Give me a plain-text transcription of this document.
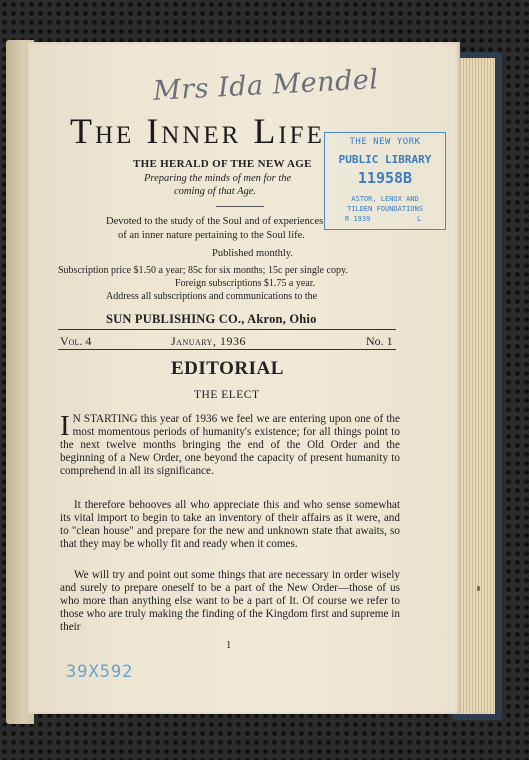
Mrs Ida Mendel
The Inner Life
THE HERALD OF THE NEW AGE
Preparing the minds of men for the
coming of that Age.
Devoted to the study of the Soul and of experiences
of an inner nature pertaining to the Soul life.
Published monthly.
Subscription price $1.50 a year; 85c for six months; 15c per single copy.
Foreign subscriptions $1.75 a year.
Address all subscriptions and communications to the
SUN PUBLISHING CO., Akron, Ohio
THE NEW YORK
PUBLIC LIBRARY
11958B
ASTOR, LENOX AND
TILDEN FOUNDATIONS
R 1939	L
Vol. 4	January, 1936	No. 1
EDITORIAL
THE ELECT
I N STARTING this year of 1936 we feel we are entering upon one of the most momentous periods of humanity's existence; for all things point to the next twelve months bringing the end of the Old Order and the beginning of a New Order, one beyond the capacity of present humanity to comprehend in all its significance.
It therefore behooves all who appreciate this and who sense somewhat its vital import to begin to take an inventory of their affairs as it were, and to "clean house" and prepare for the new and unknown state that awaits, so that they may be wholly fit and ready when it comes.
We will try and point out some things that are necessary in order wisely and surely to prepare oneself to be a part of the New Order—those of us who more than anything else want to be a part of It. Of course we refer to those who are truly making the finding of the Kingdom first and supreme in their
1
39X592
